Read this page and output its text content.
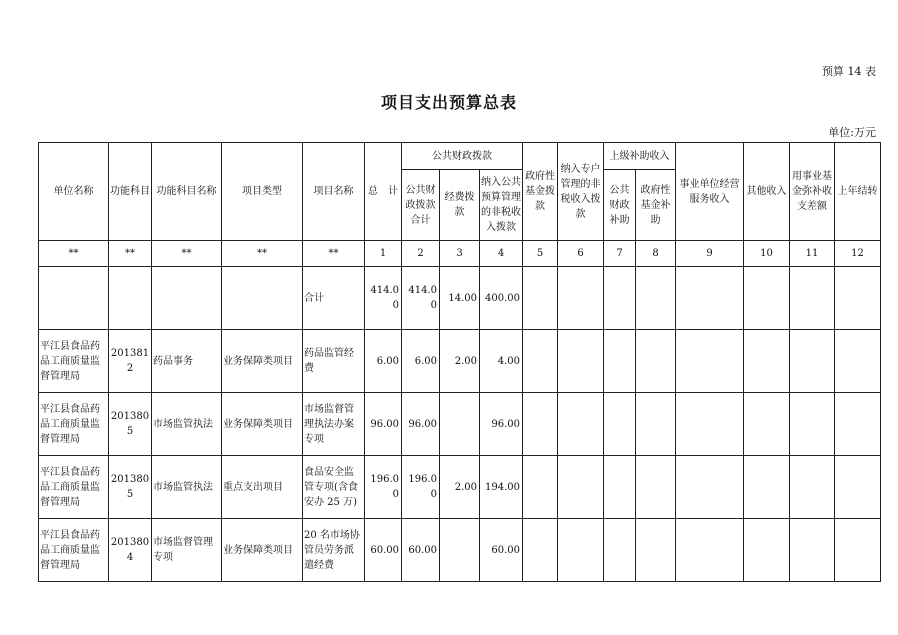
预算 14 表
项目支出预算总表
单位:万元
单位名称	功能科目	功能科目名称	项目类型	项目名称	总　计	公共财政拨款			政府性基金拨款	纳入专户管理的非税收入拨款	上级补助收入		事业单位经营服务收入	其他收入	用事业基金弥补收支差额	上年结转
						公共财政拨款合计	经费拨款	纳入公共预算管理的非税收入拨款			公共财政补助	政府性基金补助				
**	**	**	**	**	1	2	3	4	5	6	7	8	9	10	11	12
				合计	414.00	414.00	14.00	400.00								
平江县食品药品工商质量监督管理局	2013812	药品事务	业务保障类项目	药品监管经费	6.00	6.00	2.00	4.00								
平江县食品药品工商质量监督管理局	2013805	市场监管执法	业务保障类项目	市场监督管理执法办案专项	96.00	96.00		96.00								
平江县食品药品工商质量监督管理局	2013805	市场监管执法	重点支出项目	食品安全监管专项(含食安办 25 万)	196.00	196.00	2.00	194.00								
平江县食品药品工商质量监督管理局	2013804	市场监督管理专项	业务保障类项目	20 名市场协管员劳务派遣经费	60.00	60.00		60.00								
